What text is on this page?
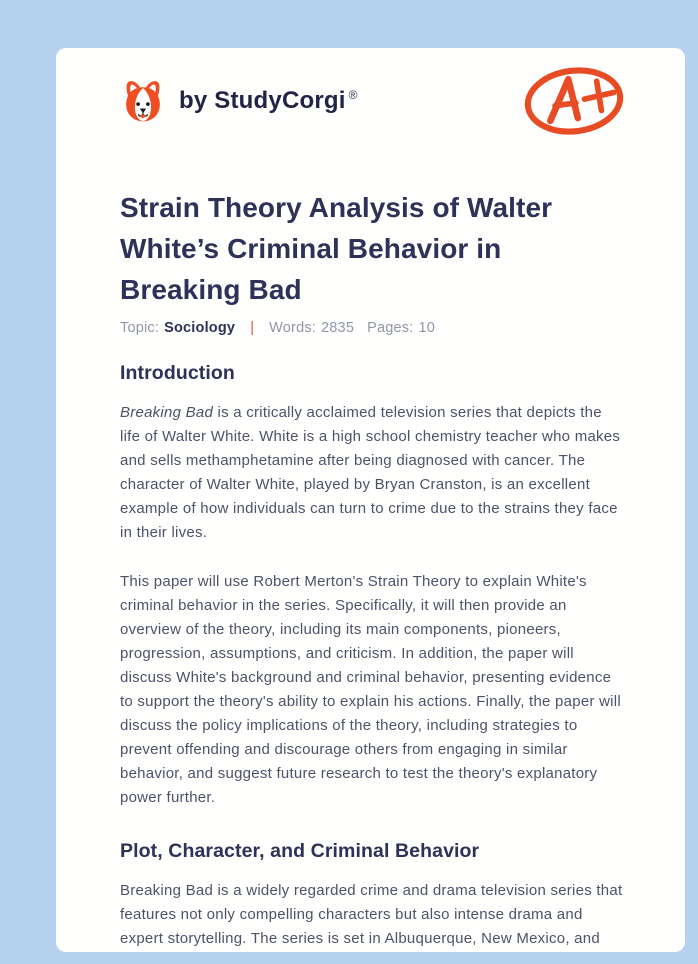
by StudyCorgi ®
Strain Theory Analysis of Walter White’s Criminal Behavior in Breaking Bad
Topic: Sociology | Words: 2835 Pages: 10
Introduction

Breaking Bad is a critically acclaimed television series that depicts the life of Walter White. White is a high school chemistry teacher who makes and sells methamphetamine after being diagnosed with cancer. The character of Walter White, played by Bryan Cranston, is an excellent example of how individuals can turn to crime due to the strains they face in their lives.

This paper will use Robert Merton's Strain Theory to explain White's criminal behavior in the series. Specifically, it will then provide an overview of the theory, including its main components, pioneers, progression, assumptions, and criticism. In addition, the paper will discuss White's background and criminal behavior, presenting evidence to support the theory's ability to explain his actions. Finally, the paper will discuss the policy implications of the theory, including strategies to prevent offending and discourage others from engaging in similar behavior, and suggest future research to test the theory's explanatory power further.

Plot, Character, and Criminal Behavior

Breaking Bad is a widely regarded crime and drama television series that features not only compelling characters but also intense drama and expert storytelling. The series is set in Albuquerque, New Mexico, and
